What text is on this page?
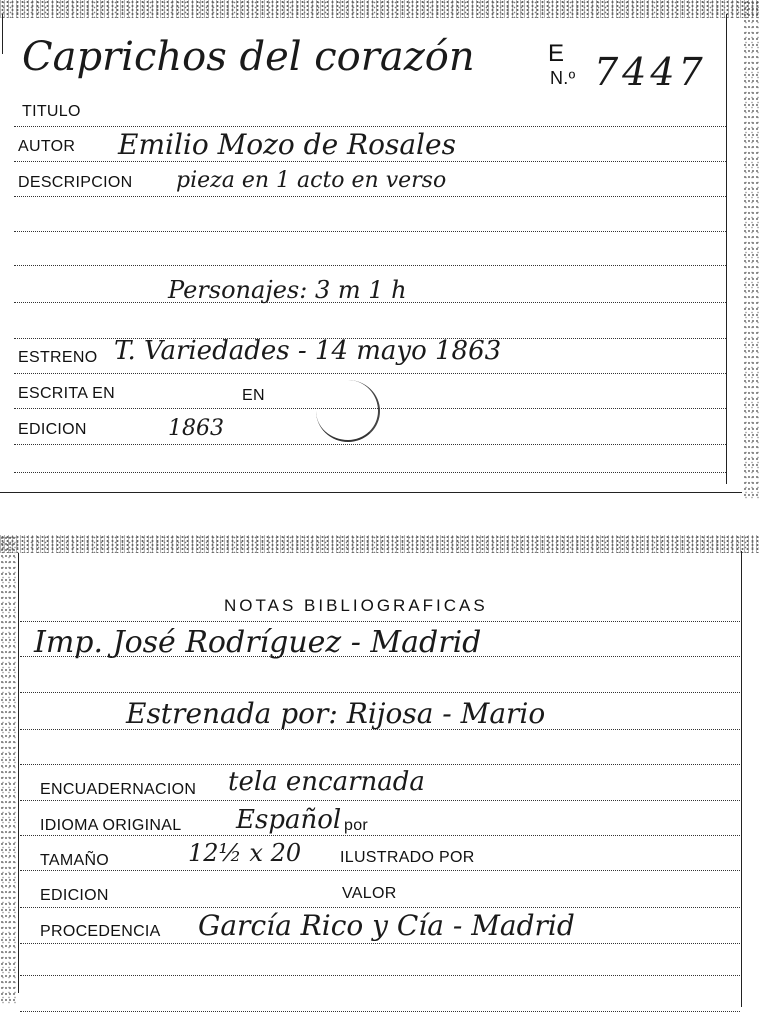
Caprichos del corazón	E
N.º 7447
TITULO
AUTOR Emilio Mozo de Rosales
DESCRIPCION pieza en 1 acto en verso
Personajes: 3 m 1 h
ESTRENO T. Variedades - 14 mayo 1863
ESCRITA EN	EN
EDICION	1863
NOTAS BIBLIOGRAFICAS
Imp. José Rodríguez - Madrid
Estrenada por: Rijosa - Mario
ENCUADERNACION tela encarnada
IDIOMA ORIGINAL Español por
TAMAÑO	12½ x 20 ILUSTRADO POR
EDICION	VALOR
PROCEDENCIA García Rico y Cía - Madrid
